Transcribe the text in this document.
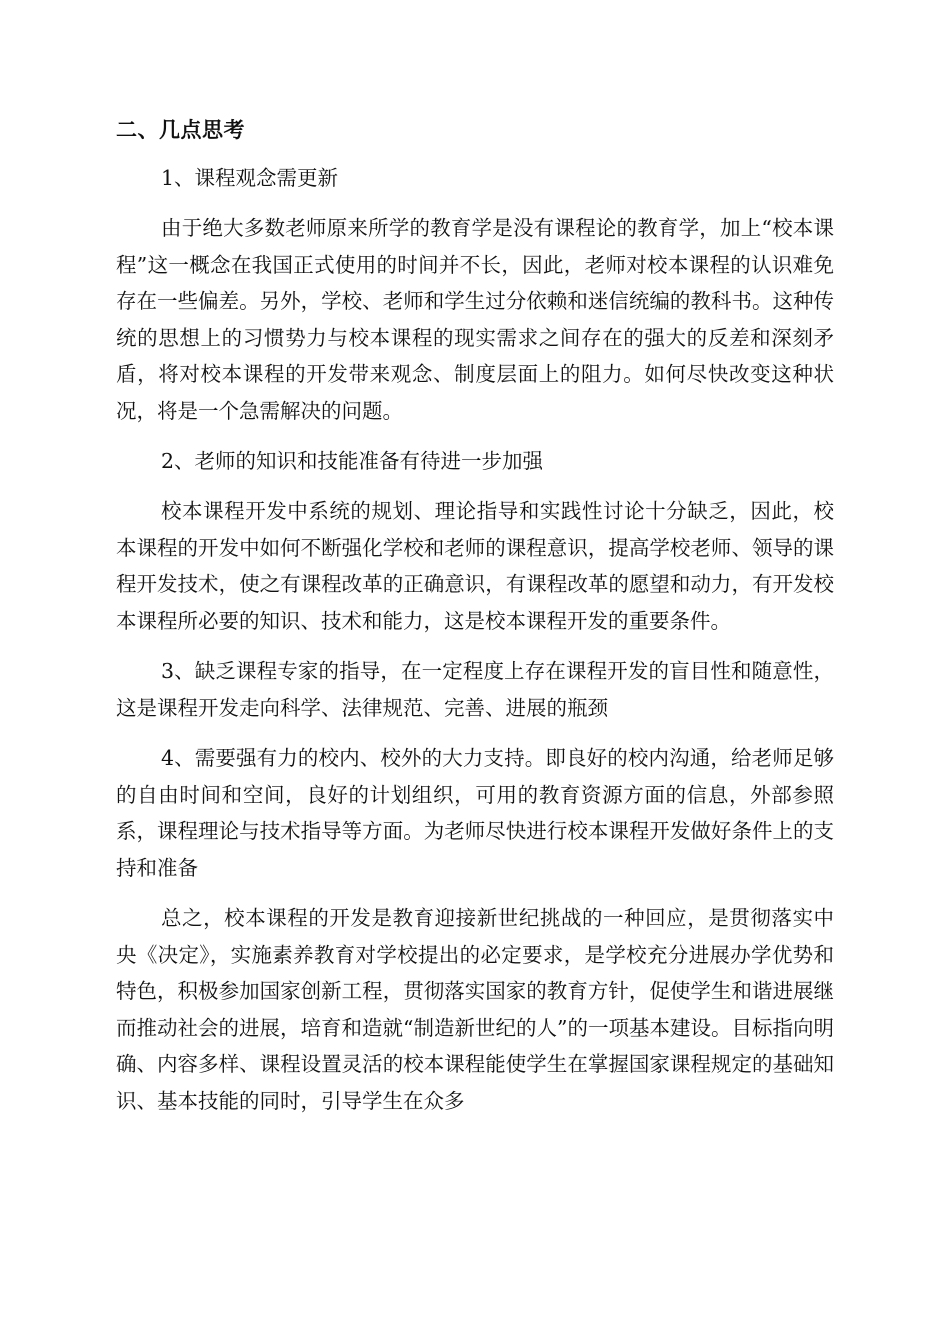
二、几点思考
1、课程观念需更新
由于绝大多数老师原来所学的教育学是没有课程论的教育学，加上“校本课程”这一概念在我国正式使用的时间并不长，因此，老师对校本课程的认识难免存在一些偏差。另外，学校、老师和学生过分依赖和迷信统编的教科书。这种传统的思想上的习惯势力与校本课程的现实需求之间存在的强大的反差和深刻矛盾，将对校本课程的开发带来观念、制度层面上的阻力。如何尽快改变这种状况，将是一个急需解决的问题。
2、老师的知识和技能准备有待进一步加强
校本课程开发中系统的规划、理论指导和实践性讨论十分缺乏，因此，校本课程的开发中如何不断强化学校和老师的课程意识，提高学校老师、领导的课程开发技术，使之有课程改革的正确意识，有课程改革的愿望和动力，有开发校本课程所必要的知识、技术和能力，这是校本课程开发的重要条件。
3、缺乏课程专家的指导，在一定程度上存在课程开发的盲目性和随意性，这是课程开发走向科学、法律规范、完善、进展的瓶颈
4、需要强有力的校内、校外的大力支持。即良好的校内沟通，给老师足够的自由时间和空间，良好的计划组织，可用的教育资源方面的信息，外部参照系，课程理论与技术指导等方面。为老师尽快进行校本课程开发做好条件上的支持和准备
总之，校本课程的开发是教育迎接新世纪挑战的一种回应，是贯彻落实中央《决定》，实施素养教育对学校提出的必定要求，是学校充分进展办学优势和特色，积极参加国家创新工程，贯彻落实国家的教育方针，促使学生和谐进展继而推动社会的进展，培育和造就“制造新世纪的人”的一项基本建设。目标指向明确、内容多样、课程设置灵活的校本课程能使学生在掌握国家课程规定的基础知识、基本技能的同时，引导学生在众多
